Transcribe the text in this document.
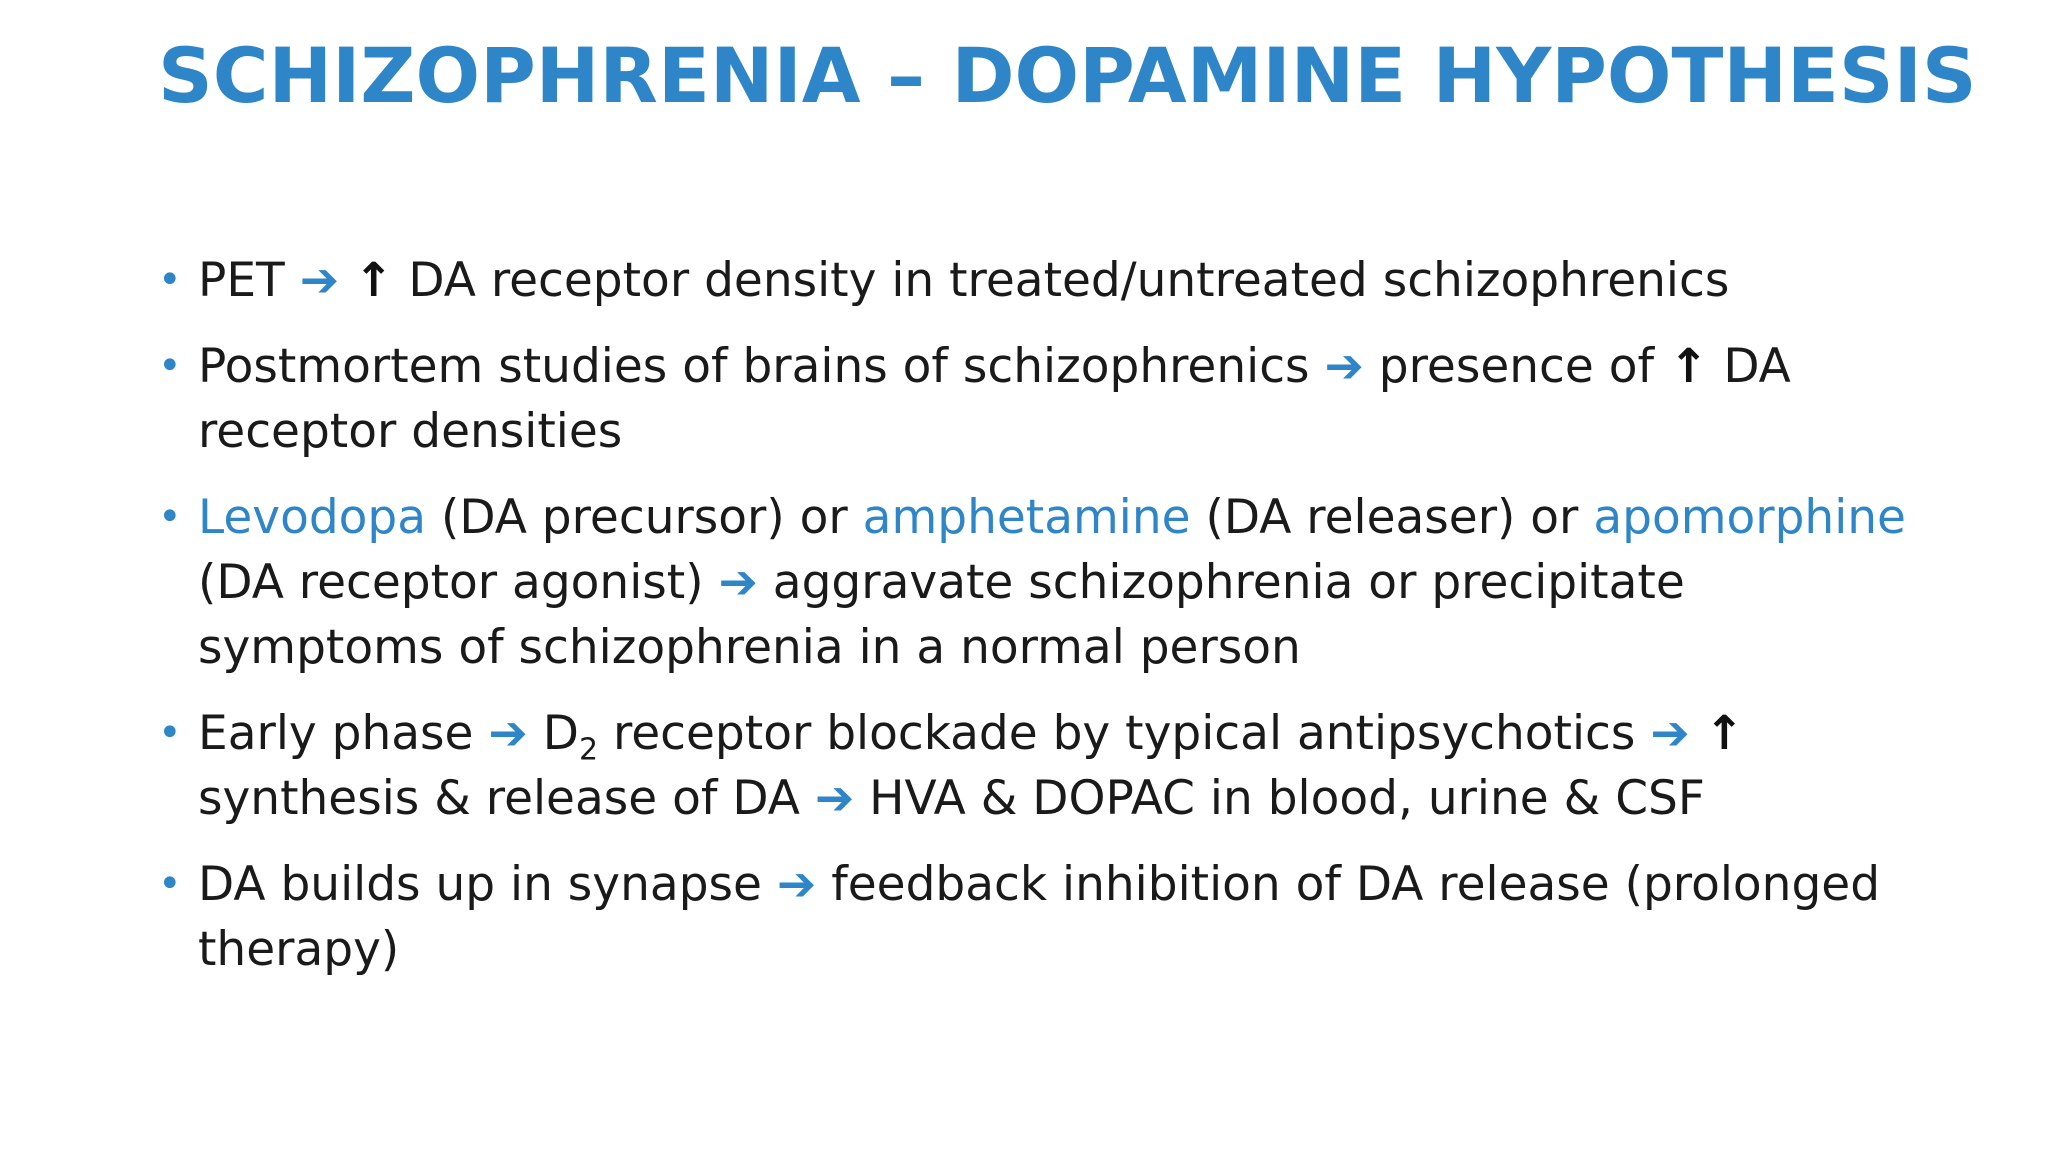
SCHIZOPHRENIA – DOPAMINE HYPOTHESIS
• PET ➔ ↑ DA receptor density in treated/untreated schizophrenics
• Postmortem studies of brains of schizophrenics ➔ presence of ↑ DA receptor densities
• Levodopa (DA precursor) or amphetamine (DA releaser) or apomorphine (DA receptor agonist) ➔ aggravate schizophrenia or precipitate symptoms of schizophrenia in a normal person
• Early phase ➔ $D_2$ receptor blockade by typical antipsychotics ➔ ↑ synthesis & release of DA ➔ HVA & DOPAC in blood, urine & CSF
• DA builds up in synapse ➔ feedback inhibition of DA release (prolonged therapy)
